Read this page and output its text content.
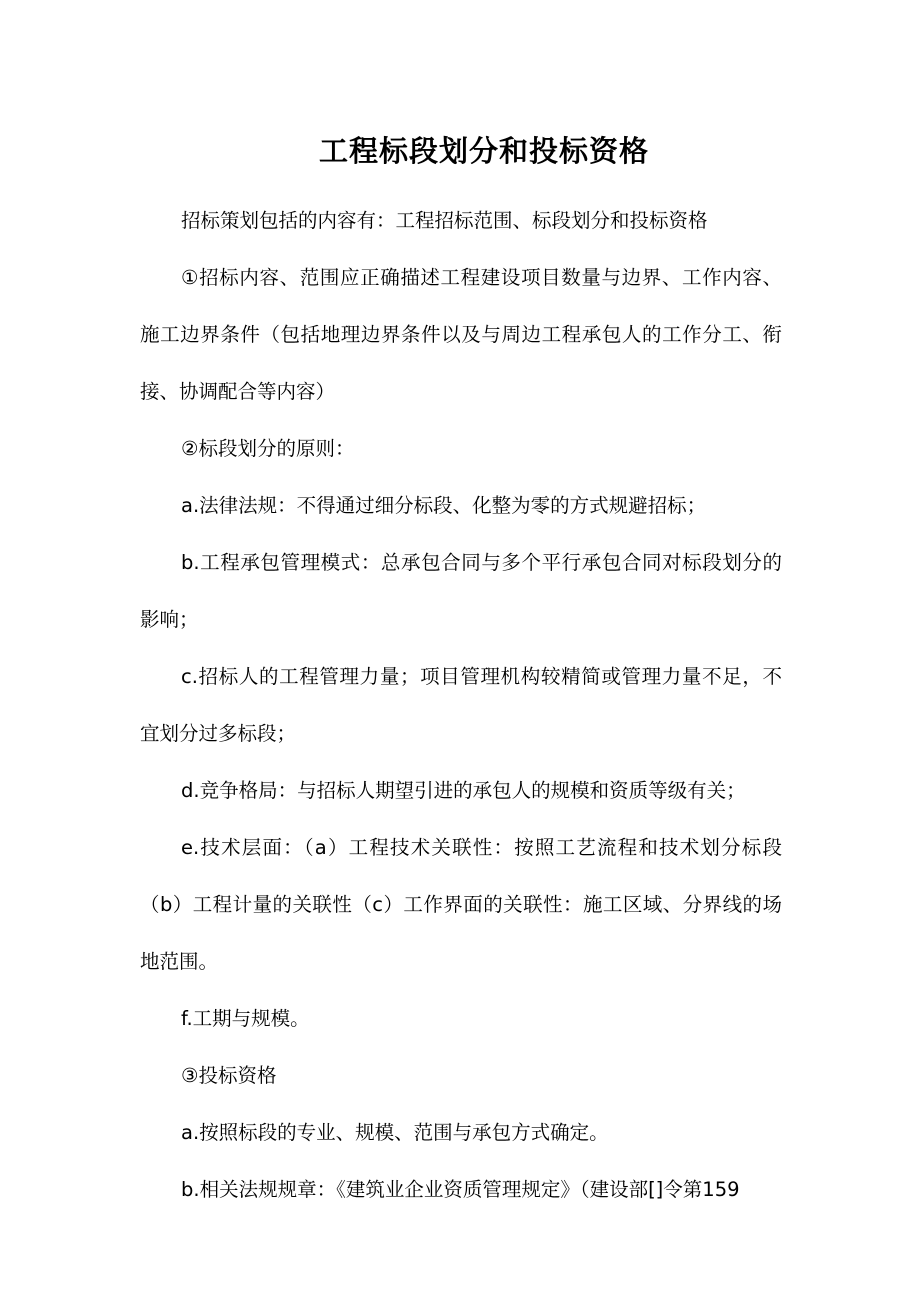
工程标段划分和投标资格

招标策划包括的内容有：工程招标范围、标段划分和投标资格

①招标内容、范围应正确描述工程建设项目数量与边界、工作内容、施工边界条件（包括地理边界条件以及与周边工程承包人的工作分工、衔接、协调配合等内容）

②标段划分的原则：

a.法律法规：不得通过细分标段、化整为零的方式规避招标；

b.工程承包管理模式：总承包合同与多个平行承包合同对标段划分的影响；

c.招标人的工程管理力量；项目管理机构较精简或管理力量不足，不宜划分过多标段；

d.竞争格局：与招标人期望引进的承包人的规模和资质等级有关；

e.技术层面：（a）工程技术关联性：按照工艺流程和技术划分标段（b）工程计量的关联性（c）工作界面的关联性：施工区域、分界线的场地范围。

f.工期与规模。

③投标资格

a.按照标段的专业、规模、范围与承包方式确定。

b.相关法规规章：《建筑业企业资质管理规定》（建设部[]令第159
